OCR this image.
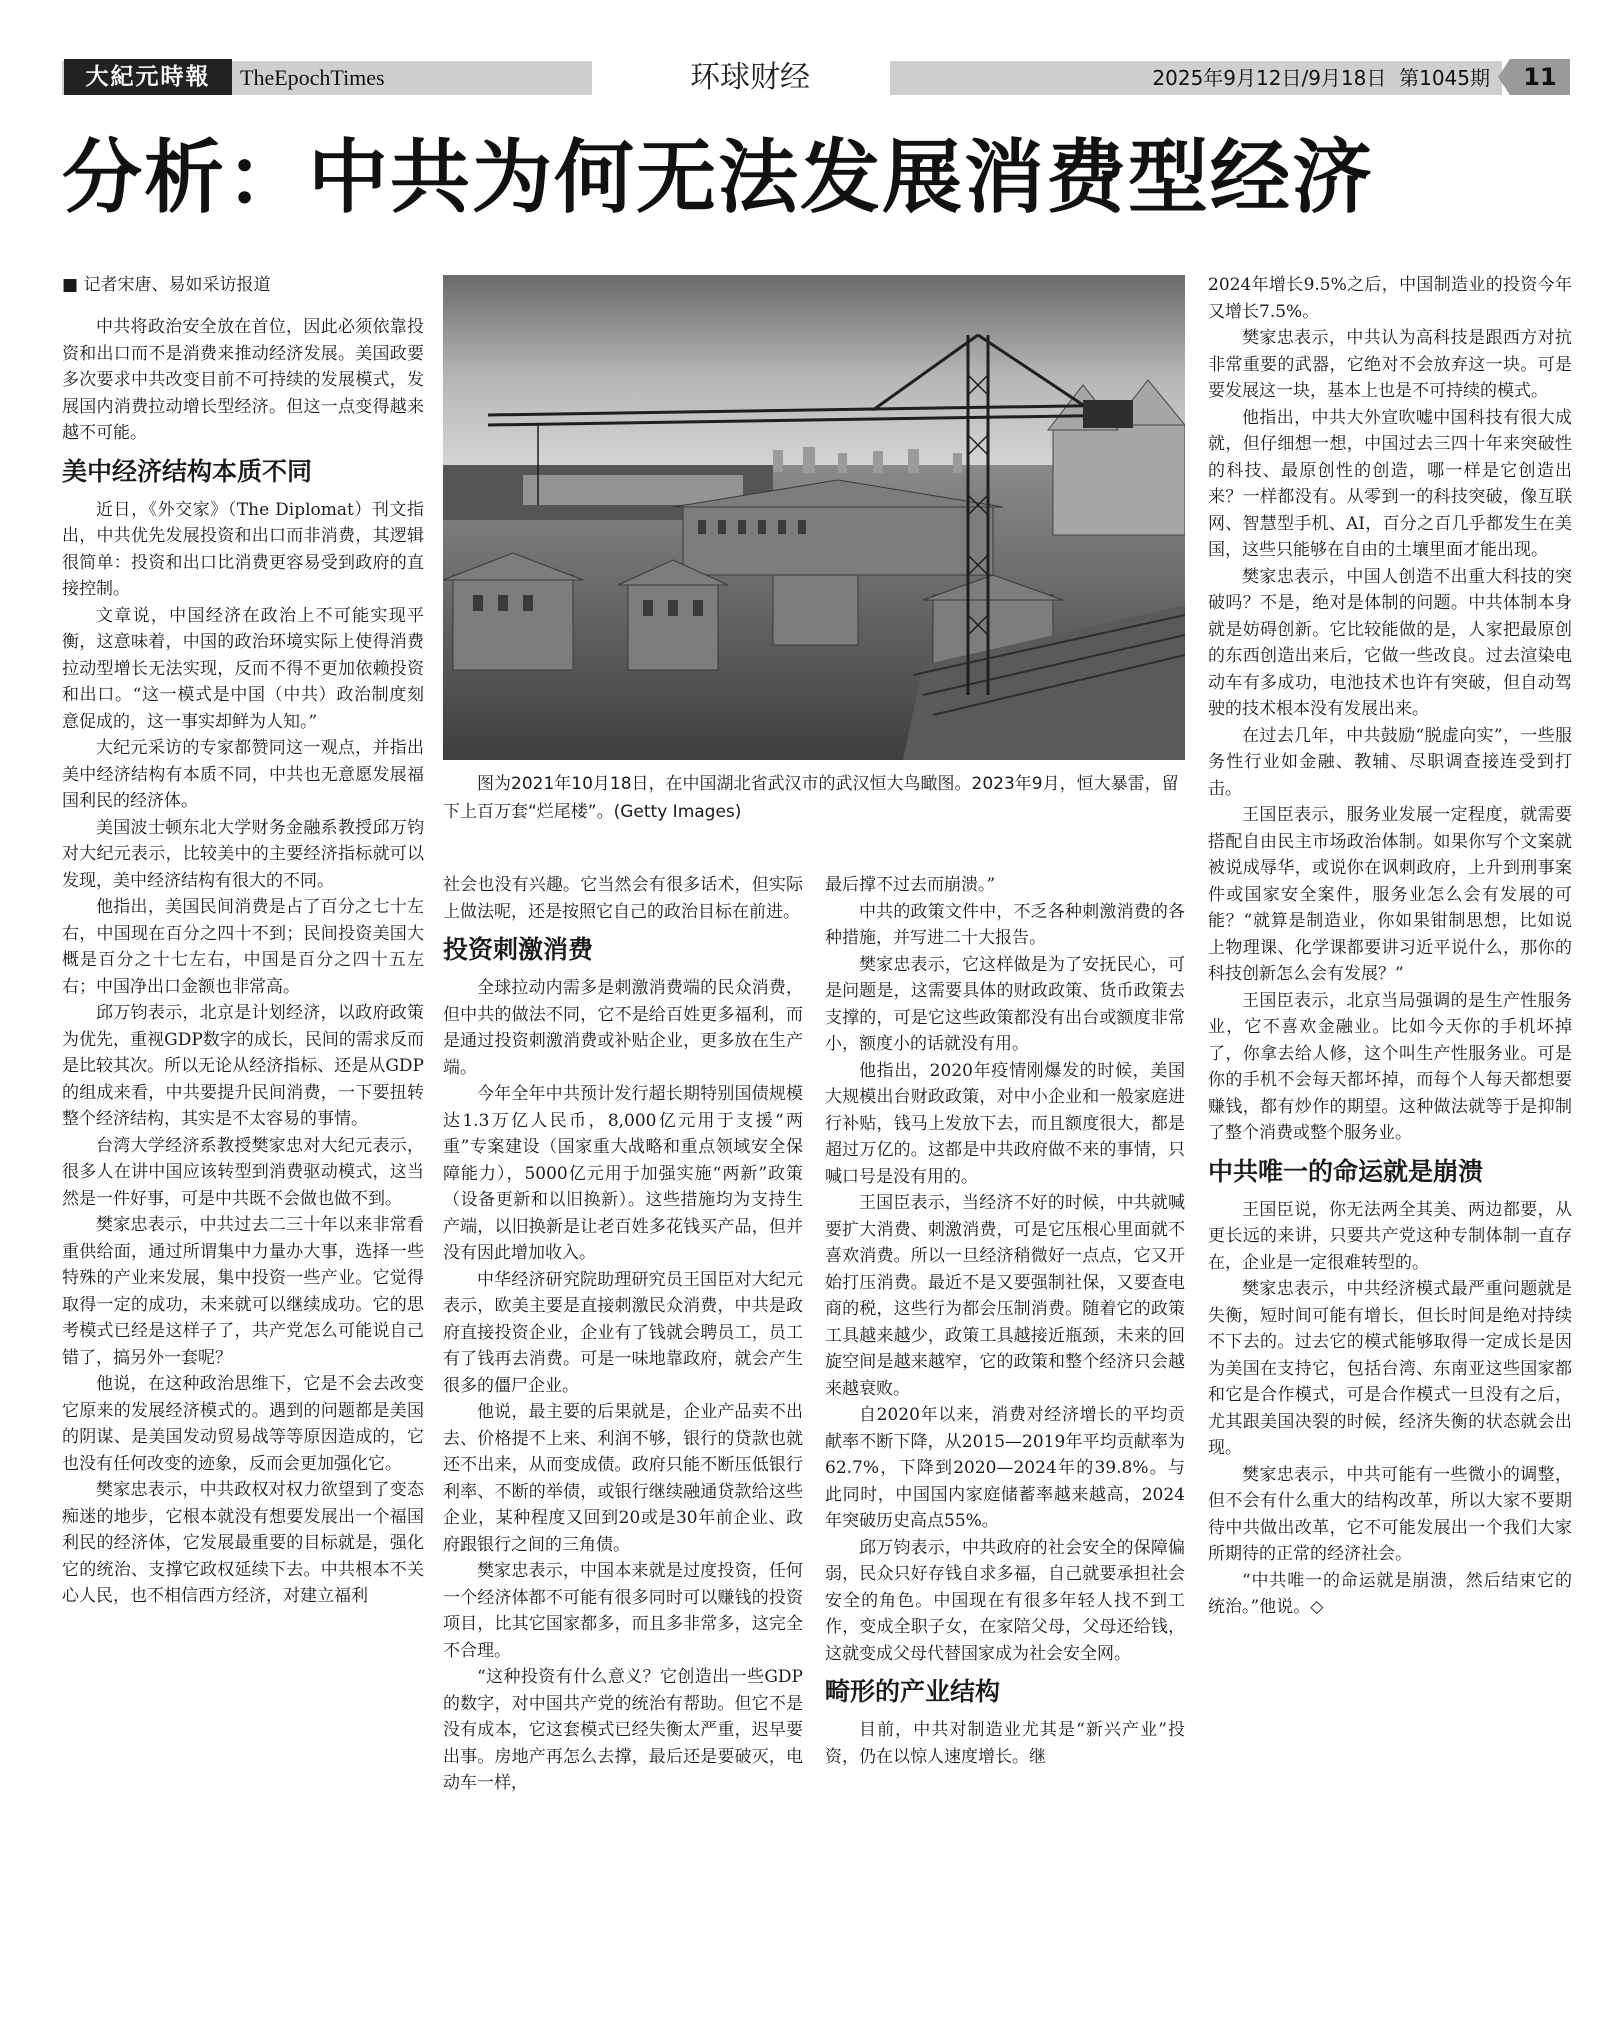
大紀元時報	TheEpochTimes	环球财经	2025年9月12日/9月18日 第1045期	11
分析：中共为何无法发展消费型经济

■ 记者宋唐、易如采访报道

中共将政治安全放在首位，因此必须依靠投资和出口而不是消费来推动经济发展。美国政要多次要求中共改变目前不可持续的发展模式，发展国内消费拉动增长型经济。但这一点变得越来越不可能。

美中经济结构本质不同

近日，《外交家》（The Diplomat）刊文指出，中共优先发展投资和出口而非消费，其逻辑很简单：投资和出口比消费更容易受到政府的直接控制。

文章说，中国经济在政治上不可能实现平衡，这意味着，中国的政治环境实际上使得消费拉动型增长无法实现，反而不得不更加依赖投资和出口。“这一模式是中国（中共）政治制度刻意促成的，这一事实却鲜为人知。”

大纪元采访的专家都赞同这一观点，并指出美中经济结构有本质不同，中共也无意愿发展福国利民的经济体。

美国波士顿东北大学财务金融系教授邱万钧对大纪元表示，比较美中的主要经济指标就可以发现，美中经济结构有很大的不同。

他指出，美国民间消费是占了百分之七十左右，中国现在百分之四十不到；民间投资美国大概是百分之十七左右，中国是百分之四十五左右；中国净出口金额也非常高。

邱万钧表示，北京是计划经济，以政府政策为优先，重视GDP数字的成长，民间的需求反而是比较其次。所以无论从经济指标、还是从GDP的组成来看，中共要提升民间消费，一下要扭转整个经济结构，其实是不太容易的事情。

台湾大学经济系教授樊家忠对大纪元表示，很多人在讲中国应该转型到消费驱动模式，这当然是一件好事，可是中共既不会做也做不到。

樊家忠表示，中共过去二三十年以来非常看重供给面，通过所谓集中力量办大事，选择一些特殊的产业来发展，集中投资一些产业。它觉得取得一定的成功，未来就可以继续成功。它的思考模式已经是这样子了，共产党怎么可能说自己错了，搞另外一套呢？

他说，在这种政治思维下，它是不会去改变它原来的发展经济模式的。遇到的问题都是美国的阴谋、是美国发动贸易战等等原因造成的，它也没有任何改变的迹象，反而会更加强化它。

樊家忠表示，中共政权对权力欲望到了变态痴迷的地步，它根本就没有想要发展出一个福国利民的经济体，它发展最重要的目标就是，强化它的统治、支撑它政权延续下去。中共根本不关心人民，也不相信西方经济，对建立福利

图为2021年10月18日，在中国湖北省武汉市的武汉恒大鸟瞰图。2023年9月，恒大暴雷，留下上百万套“烂尾楼”。(Getty Images)

社会也没有兴趣。它当然会有很多话术，但实际上做法呢，还是按照它自己的政治目标在前进。

投资刺激消费

全球拉动内需多是刺激消费端的民众消费，但中共的做法不同，它不是给百姓更多福利，而是通过投资刺激消费或补贴企业，更多放在生产端。

今年全年中共预计发行超长期特别国债规模达1.3万亿人民币，8,000亿元用于支援“两重”专案建设（国家重大战略和重点领域安全保障能力），5000亿元用于加强实施“两新”政策（设备更新和以旧换新）。这些措施均为支持生产端，以旧换新是让老百姓多花钱买产品，但并没有因此增加收入。

中华经济研究院助理研究员王国臣对大纪元表示，欧美主要是直接刺激民众消费，中共是政府直接投资企业，企业有了钱就会聘员工，员工有了钱再去消费。可是一味地靠政府，就会产生很多的僵尸企业。

他说，最主要的后果就是，企业产品卖不出去、价格提不上来、利润不够，银行的贷款也就还不出来，从而变成债。政府只能不断压低银行利率、不断的举债，或银行继续融通贷款给这些企业，某种程度又回到20或是30年前企业、政府跟银行之间的三角债。

樊家忠表示，中国本来就是过度投资，任何一个经济体都不可能有很多同时可以赚钱的投资项目，比其它国家都多，而且多非常多，这完全不合理。

“这种投资有什么意义？它创造出一些GDP的数字，对中国共产党的统治有帮助。但它不是没有成本，它这套模式已经失衡太严重，迟早要出事。房地产再怎么去撑，最后还是要破灭，电动车一样，

最后撑不过去而崩溃。”

中共的政策文件中，不乏各种刺激消费的各种措施，并写进二十大报告。

樊家忠表示，它这样做是为了安抚民心，可是问题是，这需要具体的财政政策、货币政策去支撑的，可是它这些政策都没有出台或额度非常小，额度小的话就没有用。

他指出，2020年疫情刚爆发的时候，美国大规模出台财政政策，对中小企业和一般家庭进行补贴，钱马上发放下去，而且额度很大，都是超过万亿的。这都是中共政府做不来的事情，只喊口号是没有用的。

王国臣表示，当经济不好的时候，中共就喊要扩大消费、刺激消费，可是它压根心里面就不喜欢消费。所以一旦经济稍微好一点点，它又开始打压消费。最近不是又要强制社保，又要查电商的税，这些行为都会压制消费。随着它的政策工具越来越少，政策工具越接近瓶颈，未来的回旋空间是越来越窄，它的政策和整个经济只会越来越衰败。

自2020年以来，消费对经济增长的平均贡献率不断下降，从2015—2019年平均贡献率为62.7%，下降到2020—2024年的39.8%。与此同时，中国国内家庭储蓄率越来越高，2024年突破历史高点55%。

邱万钧表示，中共政府的社会安全的保障偏弱，民众只好存钱自求多福，自己就要承担社会安全的角色。中国现在有很多年轻人找不到工作，变成全职子女，在家陪父母，父母还给钱，这就变成父母代替国家成为社会安全网。

畸形的产业结构

目前，中共对制造业尤其是“新兴产业”投资，仍在以惊人速度增长。继

2024年增长9.5%之后，中国制造业的投资今年又增长7.5%。

樊家忠表示，中共认为高科技是跟西方对抗非常重要的武器，它绝对不会放弃这一块。可是要发展这一块，基本上也是不可持续的模式。

他指出，中共大外宣吹嘘中国科技有很大成就，但仔细想一想，中国过去三四十年来突破性的科技、最原创性的创造，哪一样是它创造出来？一样都没有。从零到一的科技突破，像互联网、智慧型手机、AI，百分之百几乎都发生在美国，这些只能够在自由的土壤里面才能出现。

樊家忠表示，中国人创造不出重大科技的突破吗？不是，绝对是体制的问题。中共体制本身就是妨碍创新。它比较能做的是，人家把最原创的东西创造出来后，它做一些改良。过去渲染电动车有多成功，电池技术也许有突破，但自动驾驶的技术根本没有发展出来。

在过去几年，中共鼓励“脱虚向实”，一些服务性行业如金融、教辅、尽职调查接连受到打击。

王国臣表示，服务业发展一定程度，就需要搭配自由民主市场政治体制。如果你写个文案就被说成辱华，或说你在讽刺政府，上升到刑事案件或国家安全案件，服务业怎么会有发展的可能？“就算是制造业，你如果钳制思想，比如说上物理课、化学课都要讲习近平说什么，那你的科技创新怎么会有发展？”

王国臣表示，北京当局强调的是生产性服务业，它不喜欢金融业。比如今天你的手机坏掉了，你拿去给人修，这个叫生产性服务业。可是你的手机不会每天都坏掉，而每个人每天都想要赚钱，都有炒作的期望。这种做法就等于是抑制了整个消费或整个服务业。

中共唯一的命运就是崩溃

王国臣说，你无法两全其美、两边都要，从更长远的来讲，只要共产党这种专制体制一直存在，企业是一定很难转型的。

樊家忠表示，中共经济模式最严重问题就是失衡，短时间可能有增长，但长时间是绝对持续不下去的。过去它的模式能够取得一定成长是因为美国在支持它，包括台湾、东南亚这些国家都和它是合作模式，可是合作模式一旦没有之后，尤其跟美国决裂的时候，经济失衡的状态就会出现。

樊家忠表示，中共可能有一些微小的调整，但不会有什么重大的结构改革，所以大家不要期待中共做出改革，它不可能发展出一个我们大家所期待的正常的经济社会。

“中共唯一的命运就是崩溃，然后结束它的统治。”他说。◇
